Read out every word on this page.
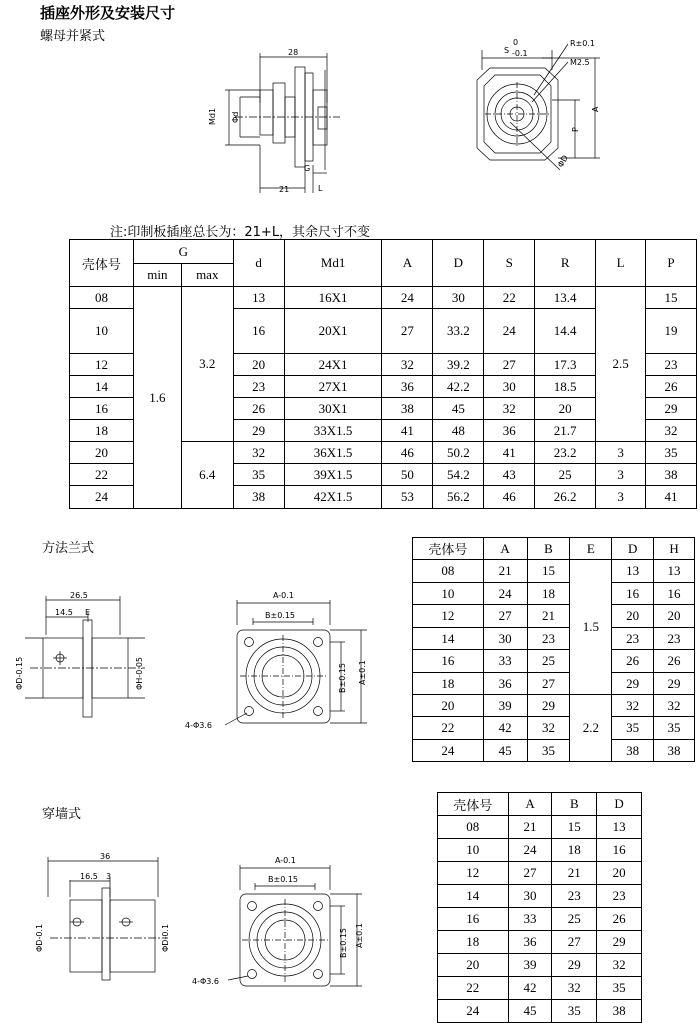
插座外形及安装尺寸
螺母并紧式
28
21
G
L
Md1 Φd
S
0
-0.1
R±0.1
M2.5
P
A
ΦD
注:印制板插座总长为：21+L，其余尺寸不变
壳体号	G		d	Md1	A	D	S	R	L	P
	min	max								
08	1.6	3.2	13	16X1	24	30	22	13.4	2.5	15
10			16	20X1	27	33.2	24	14.4		19
12			20	24X1	32	39.2	27	17.3		23
14			23	27X1	36	42.2	30	18.5		26
16			26	30X1	38	45	32	20		29
18			29	33X1.5	41	48	36	21.7		32
20		6.4	32	36X1.5	46	50.2	41	23.2	3	35
22			35	39X1.5	50	54.2	43	25	3	38
24			38	42X1.5	53	56.2	46	26.2	3	41
方法兰式
26.5
14.5 E
ΦD-0.15	ΦH-0.05
A-0.1
B±0.15
B±0.15 A±0.1
4-Φ3.6
壳体号	A	B	E	D	H
08	21	15	1.5	13	13
10	24	18		16	16
12	27	21		20	20
14	30	23		23	23
16	33	25		26	26
18	36	27		29	29
20	39	29	2.2	32	32
22	42	32		35	35
24	45	35		38	38
穿墙式
36
16.5 3
ΦD-0.1	ΦD-0.1
A-0.1
B±0.15
B±0.15 A±0.1
4-Φ3.6
壳体号	A	B	D
08	21	15	13
10	24	18	16
12	27	21	20
14	30	23	23
16	33	25	26
18	36	27	29
20	39	29	32
22	42	32	35
24	45	35	38
